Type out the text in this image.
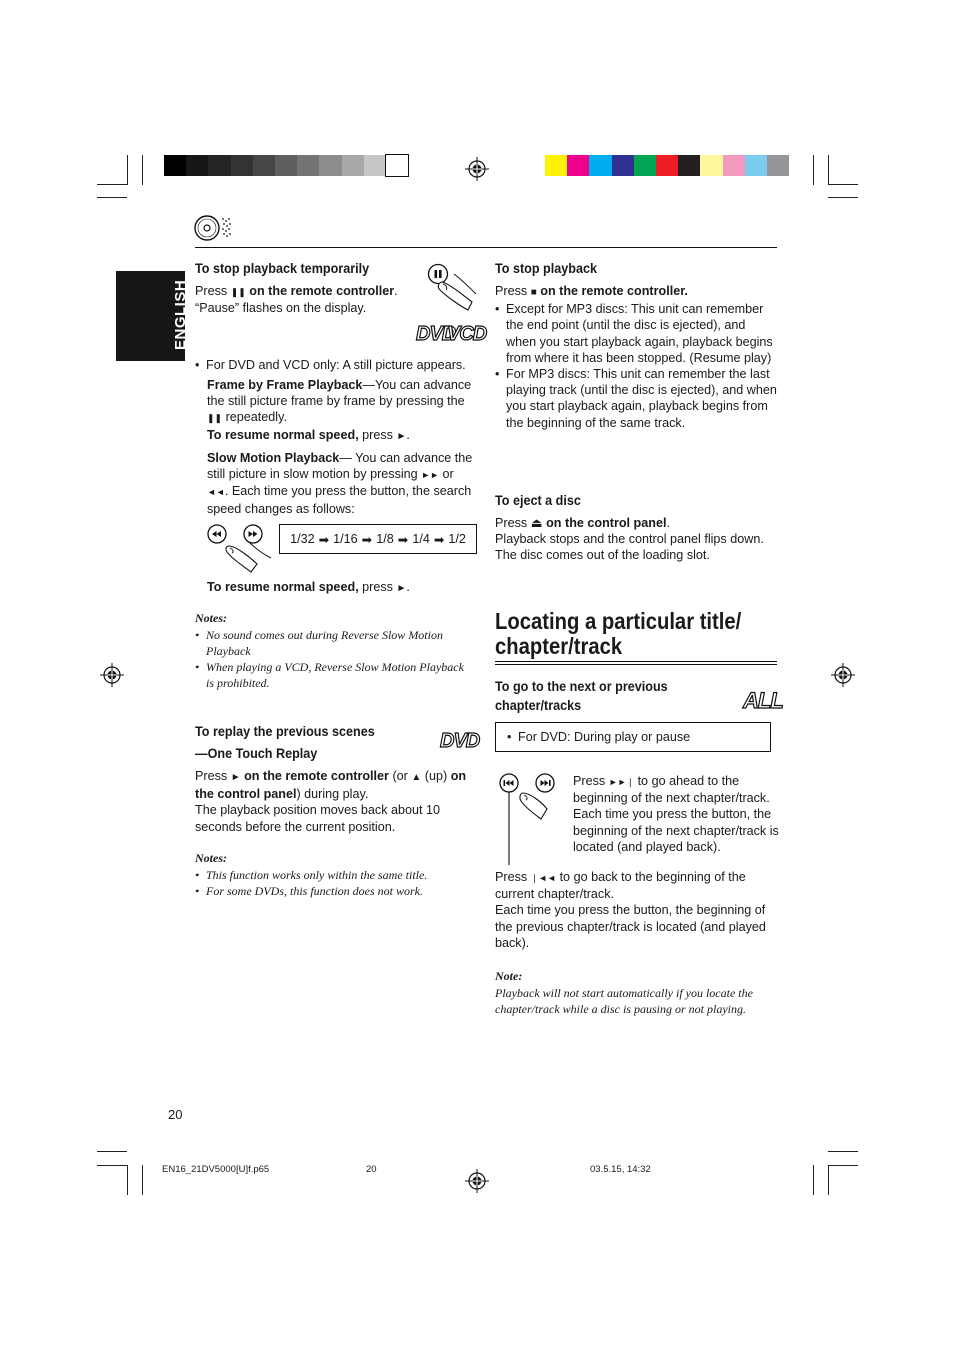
ENGLISH
To stop playback temporarily

Press ❚❚ on the remote controller.
“Pause” flashes on the display.

DVD
VCD
• For DVD and VCD only: A still picture appears.
Frame by Frame Playback—You can advance the still picture frame by frame by pressing the ❚❚ repeatedly.
To resume normal speed, press ►.
Slow Motion Playback— You can advance the still picture in slow motion by pressing ►► or
◄◄. Each time you press the button, the search speed changes as follows:
1/32 ➡ 1/16 ➡ 1/8 ➡ 1/4 ➡ 1/2
To resume normal speed, press ►.
Notes:
• No sound comes out during Reverse Slow Motion Playback
• When playing a VCD, Reverse Slow Motion Playback is prohibited.
To replay the previous scenes
—One Touch Replay

Press ► on the remote controller (or ▲ (up) on the control panel) during play.
The playback position moves back about 10 seconds before the current position.

DVD
Notes:
• This function works only within the same title.
• For some DVDs, this function does not work.
To stop playback

Press ■ on the remote controller.

• Except for MP3 discs: This unit can remember the end point (until the disc is ejected), and when you start playback again, playback begins from where it has been stopped. (Resume play)
• For MP3 discs: This unit can remember the last playing track (until the disc is ejected), and when you start playback again, playback begins from the beginning of the same track.
To eject a disc

Press ⏏ on the control panel.
Playback stops and the control panel flips down. The disc comes out of the loading slot.

Locating a particular title/
chapter/track
To go to the next or previous
chapter/tracks	ALL
• For DVD: During play or pause
Press ►►❘ to go ahead to the beginning of the next chapter/track. Each time you press the button, the beginning of the next chapter/track is located (and played back).
Press ❘◄◄ to go back to the beginning of the current chapter/track.
Each time you press the button, the beginning of the previous chapter/track is located (and played back).
Note:
Playback will not start automatically if you locate the chapter/track while a disc is pausing or not playing.
20
EN16_21DV5000[U]f.p65	20	03.5.15, 14:32
